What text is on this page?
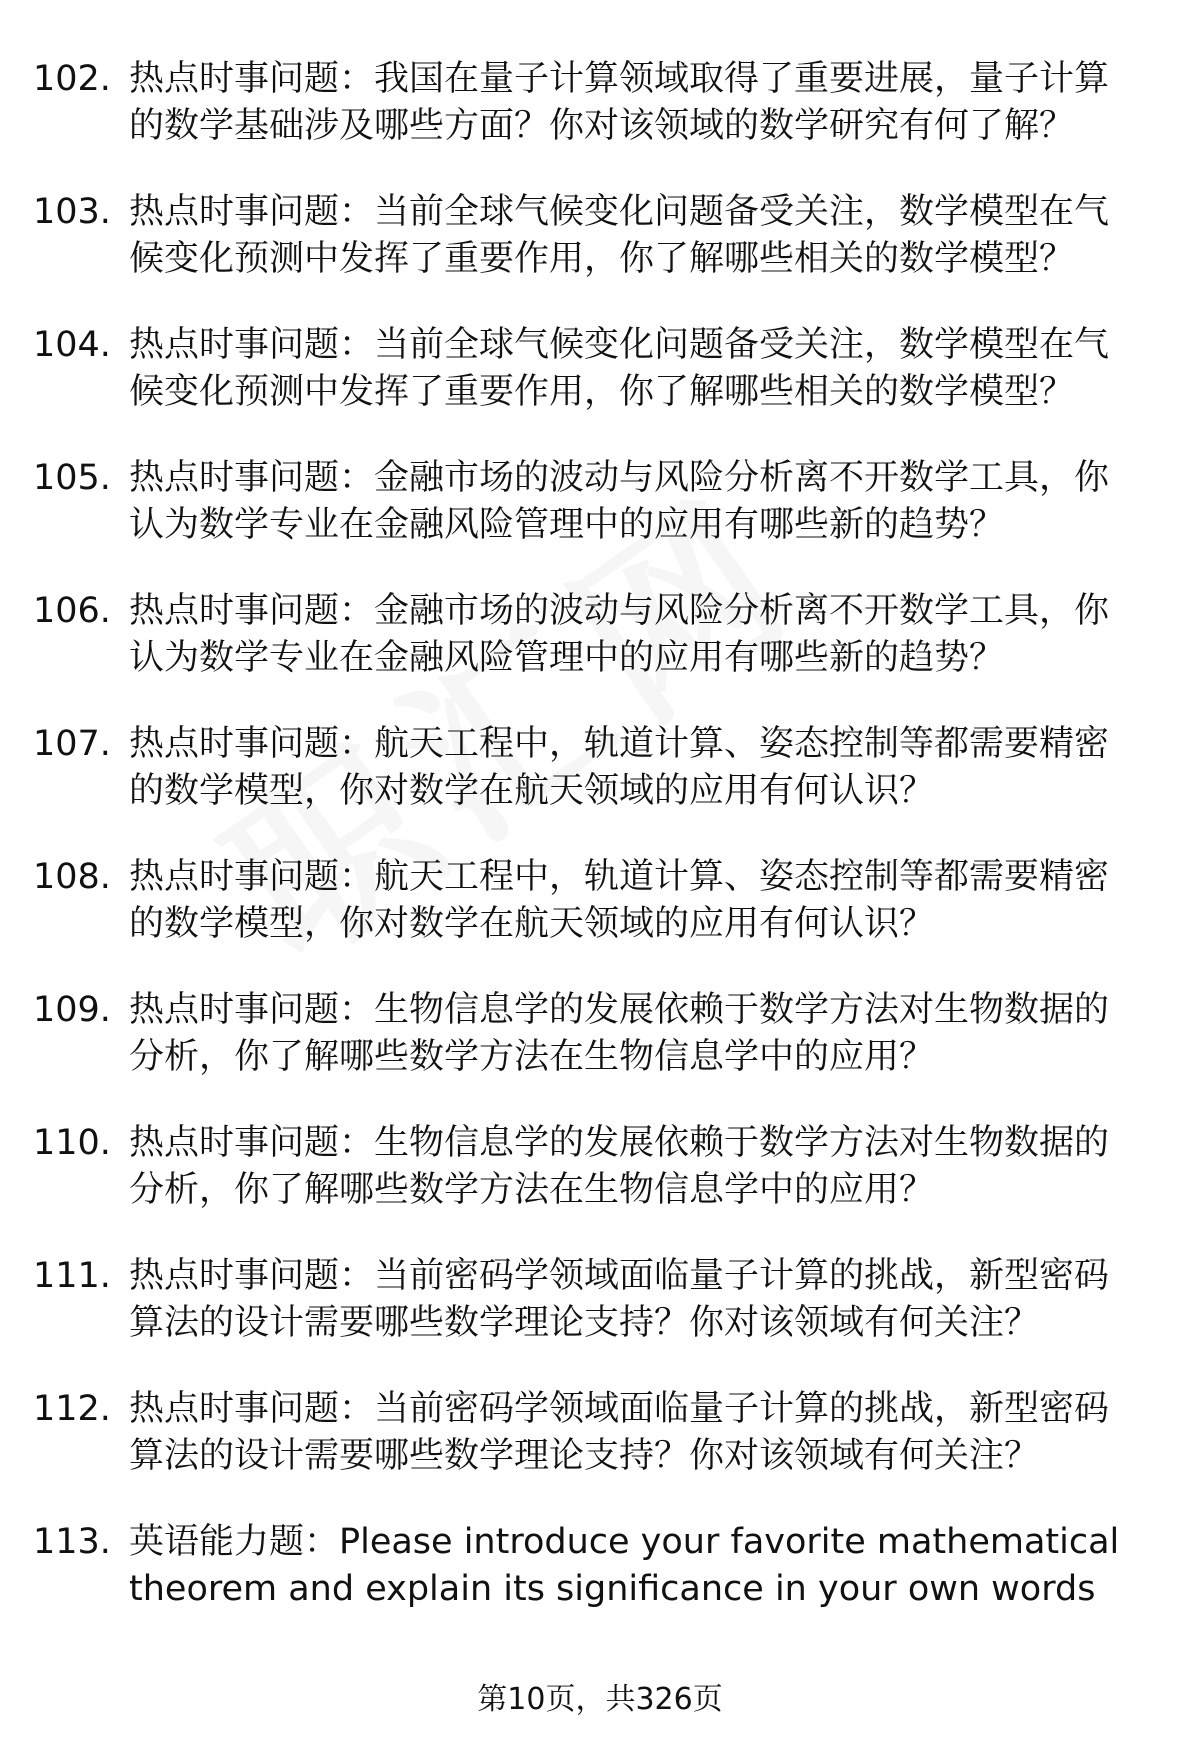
102. 热点时事问题：我国在量子计算领域取得了重要进展，量子计算的数学基础涉及哪些方面？你对该领域的数学研究有何了解？
103. 热点时事问题：当前全球气候变化问题备受关注，数学模型在气候变化预测中发挥了重要作用，你了解哪些相关的数学模型？
104. 热点时事问题：当前全球气候变化问题备受关注，数学模型在气候变化预测中发挥了重要作用，你了解哪些相关的数学模型？
105. 热点时事问题：金融市场的波动与风险分析离不开数学工具，你认为数学专业在金融风险管理中的应用有哪些新的趋势？
106. 热点时事问题：金融市场的波动与风险分析离不开数学工具，你认为数学专业在金融风险管理中的应用有哪些新的趋势？
107. 热点时事问题：航天工程中，轨道计算、姿态控制等都需要精密的数学模型，你对数学在航天领域的应用有何认识？
108. 热点时事问题：航天工程中，轨道计算、姿态控制等都需要精密的数学模型，你对数学在航天领域的应用有何认识？
109. 热点时事问题：生物信息学的发展依赖于数学方法对生物数据的分析，你了解哪些数学方法在生物信息学中的应用？
110. 热点时事问题：生物信息学的发展依赖于数学方法对生物数据的分析，你了解哪些数学方法在生物信息学中的应用？
111. 热点时事问题：当前密码学领域面临量子计算的挑战，新型密码算法的设计需要哪些数学理论支持？你对该领域有何关注？
112. 热点时事问题：当前密码学领域面临量子计算的挑战，新型密码算法的设计需要哪些数学理论支持？你对该领域有何关注？
113. 英语能力题：Please introduce your favorite mathematical theorem and explain its significance in your own words
第10页，共326页
